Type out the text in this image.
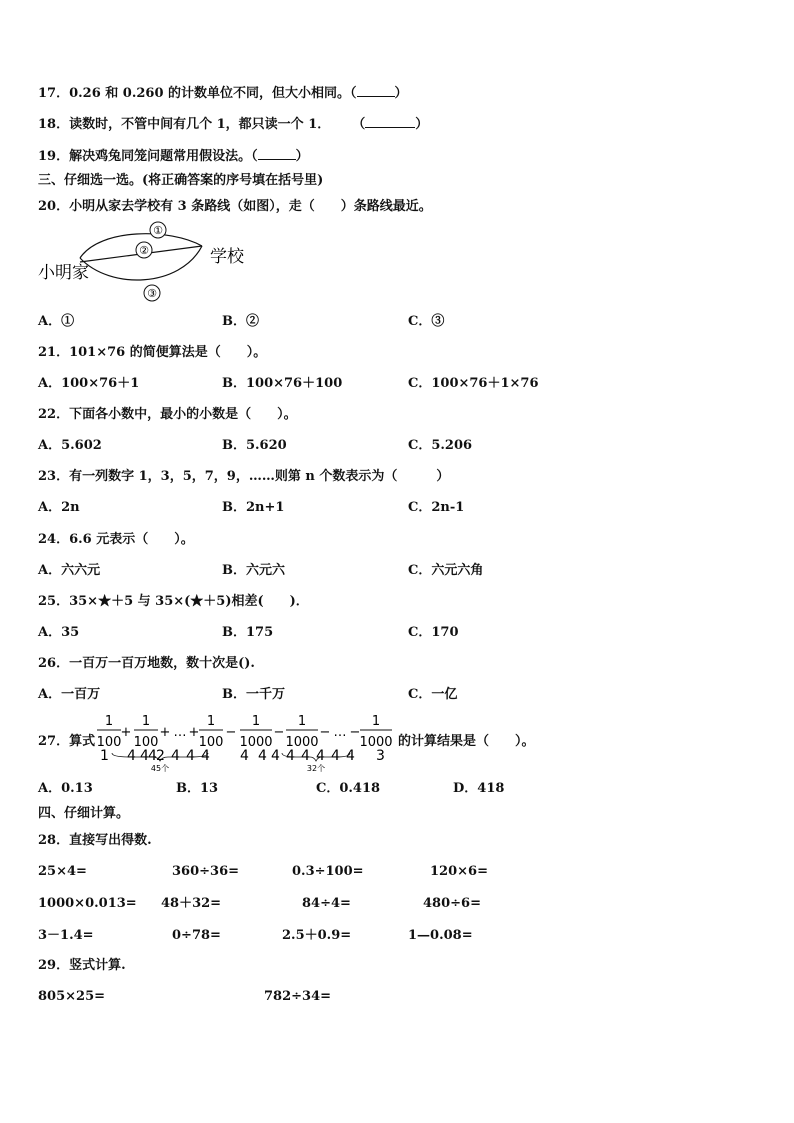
17．0.26 和 0.260 的计数单位不同，但大小相同。（	）
18．读数时，不管中间有几个 1，都只读一个 1． （	）
19．解决鸡兔同笼问题常用假设法。（	）
三、仔细选一选。(将正确答案的序号填在括号里)
20．小明从家去学校有 3 条路线（如图），走（　　）条路线最近。
①
②
③
小明家
学校
A．①	B．②	C．③
21．101×76 的简便算法是（　　）。
A．100×76＋1	B．100×76＋100	C．100×76＋1×76
22．下面各小数中，最小的小数是（　　）。
A．5.602	B．5.620	C．5.206
23．有一列数字 1，3，5，7，9，……则第 n 个数表示为（　　　）
A．2n	B．2n+1	C．2n-1
24．6.6 元表示（　　）。
A．六六元	B．六元六	C．六元六角
25．35×★＋5 与 35×(★＋5)相差(　　)．
A．35	B．175	C．170
26．一百万一百万地数，数十次是().
A．一百万	B．一千万	C．一亿
27．算式
1
100
+
1
100
+ … +
1
100
−
1
1000
−
1
1000
− … −
1
1000
1 4 4 4 2 4 4 4 4 4 4 4 4 4 4 4 3
45个	32个
的计算结果是（　　）。
A．0.13	B．13	C．0.418	D．418
四、仔细计算。
28．直接写出得数.
25×4=	360÷36=	0.3÷100=	120×6=
1000×0.013= 48＋32=	84÷4=	480÷6=
3－1.4=	0÷78=	2.5＋0.9=	1—0.08=
29．竖式计算.
805×25=	782÷34=
